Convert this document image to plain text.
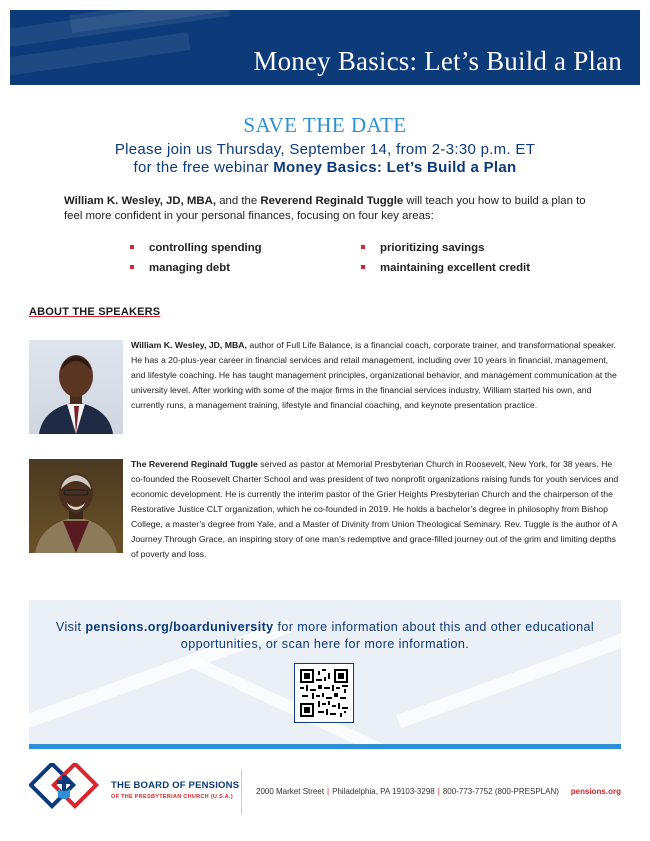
Money Basics: Let’s Build a Plan
SAVE THE DATE
Please join us Thursday, September 14, from 2-3:30 p.m. ET
for the free webinar Money Basics: Let’s Build a Plan
William K. Wesley, JD, MBA, and the Reverend Reginald Tuggle will teach you how to build a plan to feel more confident in your personal finances, focusing on four key areas:
controlling spending
managing debt
prioritizing savings
maintaining excellent credit
ABOUT THE SPEAKERS
William K. Wesley, JD, MBA, author of Full Life Balance, is a financial coach, corporate trainer, and transformational speaker. He has a 20-plus-year career in financial services and retail management, including over 10 years in financial, management, and lifestyle coaching. He has taught management principles, organizational behavior, and management communication at the university level. After working with some of the major firms in the financial services industry, William started his own, and currently runs, a management training, lifestyle and financial coaching, and keynote presentation practice.
The Reverend Reginald Tuggle served as pastor at Memorial Presbyterian Church in Roosevelt, New York, for 38 years. He co-founded the Roosevelt Charter School and was president of two nonprofit organizations raising funds for youth services and economic development. He is currently the interim pastor of the Grier Heights Presbyterian Church and the chairperson of the Restorative Justice CLT organization, which he co-founded in 2019. He holds a bachelor’s degree in philosophy from Bishop College, a master’s degree from Yale, and a Master of Divinity from Union Theological Seminary. Rev. Tuggle is the author of A Journey Through Grace, an inspiring story of one man’s redemptive and grace-filled journey out of the grim and limiting depths of poverty and loss.
Visit pensions.org/boarduniversity for more information about this and other educational opportunities, or scan here for more information.
THE BOARD OF PENSIONS
OF THE PRESBYTERIAN CHURCH (U.S.A.)
2000 Market Street | Philadelphia, PA 19103-3298 | 800-773-7752 (800-PRESPLAN) pensions.org
